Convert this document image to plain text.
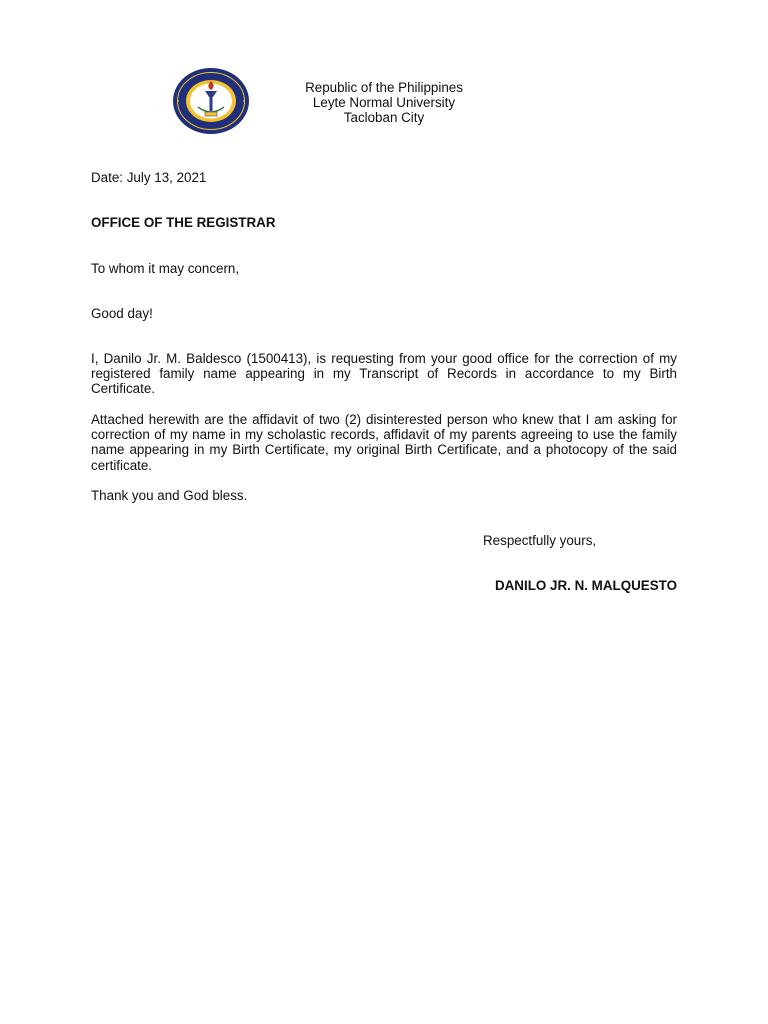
Republic of the Philippines
Leyte Normal University
Tacloban City
Date: July 13, 2021
OFFICE OF THE REGISTRAR
To whom it may concern,
Good day!
I, Danilo Jr. M. Baldesco (1500413), is requesting from your good office for the correction of my registered family name appearing in my Transcript of Records in accordance to my Birth Certificate.
Attached herewith are the affidavit of two (2) disinterested person who knew that I am asking for correction of my name in my scholastic records, affidavit of my parents agreeing to use the family name appearing in my Birth Certificate, my original Birth Certificate, and a photocopy of the said certificate.
Thank you and God bless.
Respectfully yours,
DANILO JR. N. MALQUESTO
